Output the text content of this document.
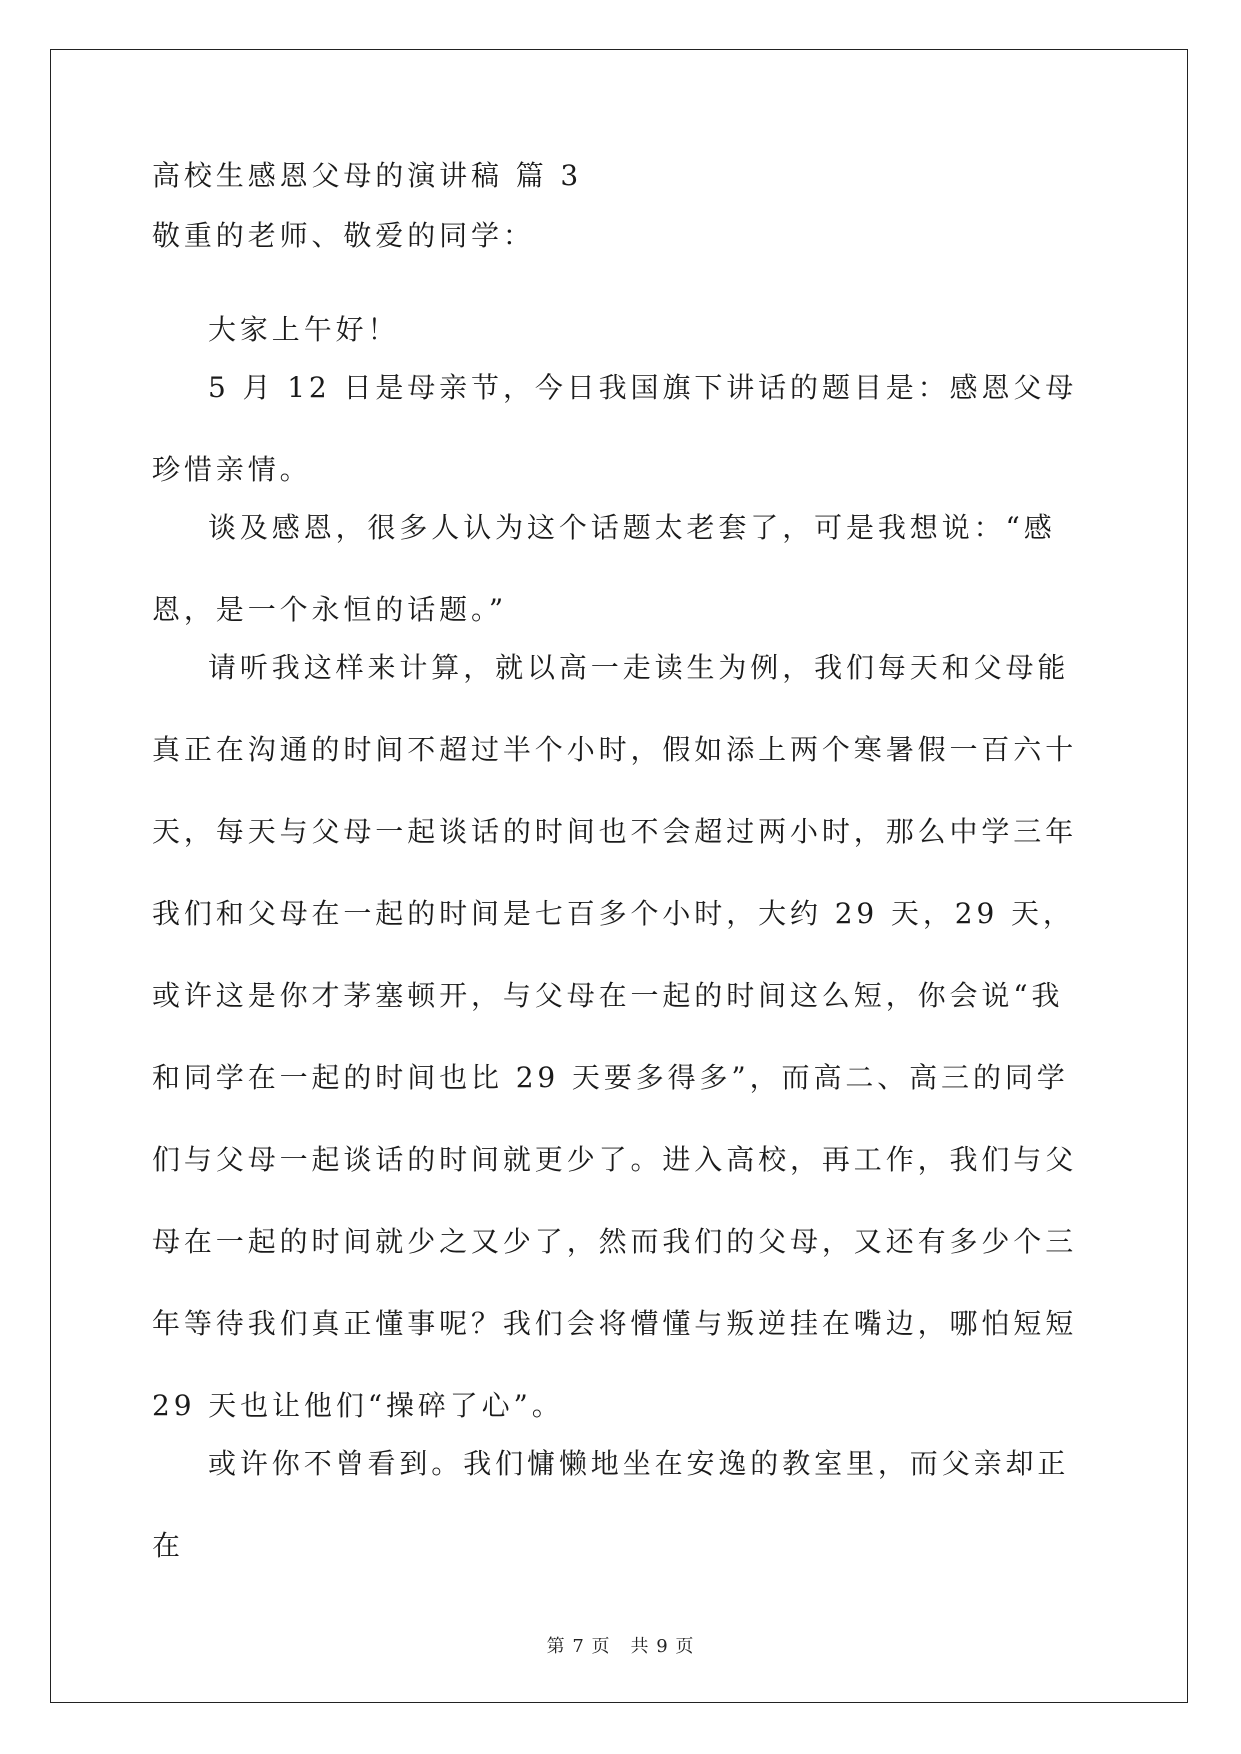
高校生感恩父母的演讲稿 篇 3

敬重的老师、敬爱的同学：

大家上午好！

5 月 12 日是母亲节，今日我国旗下讲话的题目是：感恩父母珍惜亲情。

谈及感恩，很多人认为这个话题太老套了，可是我想说：“感恩，是一个永恒的话题。”

请听我这样来计算，就以高一走读生为例，我们每天和父母能真正在沟通的时间不超过半个小时，假如添上两个寒暑假一百六十天，每天与父母一起谈话的时间也不会超过两小时，那么中学三年我们和父母在一起的时间是七百多个小时，大约 29 天，29 天，或许这是你才茅塞顿开，与父母在一起的时间这么短，你会说“我和同学在一起的时间也比 29 天要多得多”，而高二、高三的同学们与父母一起谈话的时间就更少了。进入高校，再工作，我们与父母在一起的时间就少之又少了，然而我们的父母，又还有多少个三年等待我们真正懂事呢？我们会将懵懂与叛逆挂在嘴边，哪怕短短 29 天也让他们“操碎了心”。

或许你不曾看到。我们慵懒地坐在安逸的教室里，而父亲却正在

第 7 页 共 9 页
